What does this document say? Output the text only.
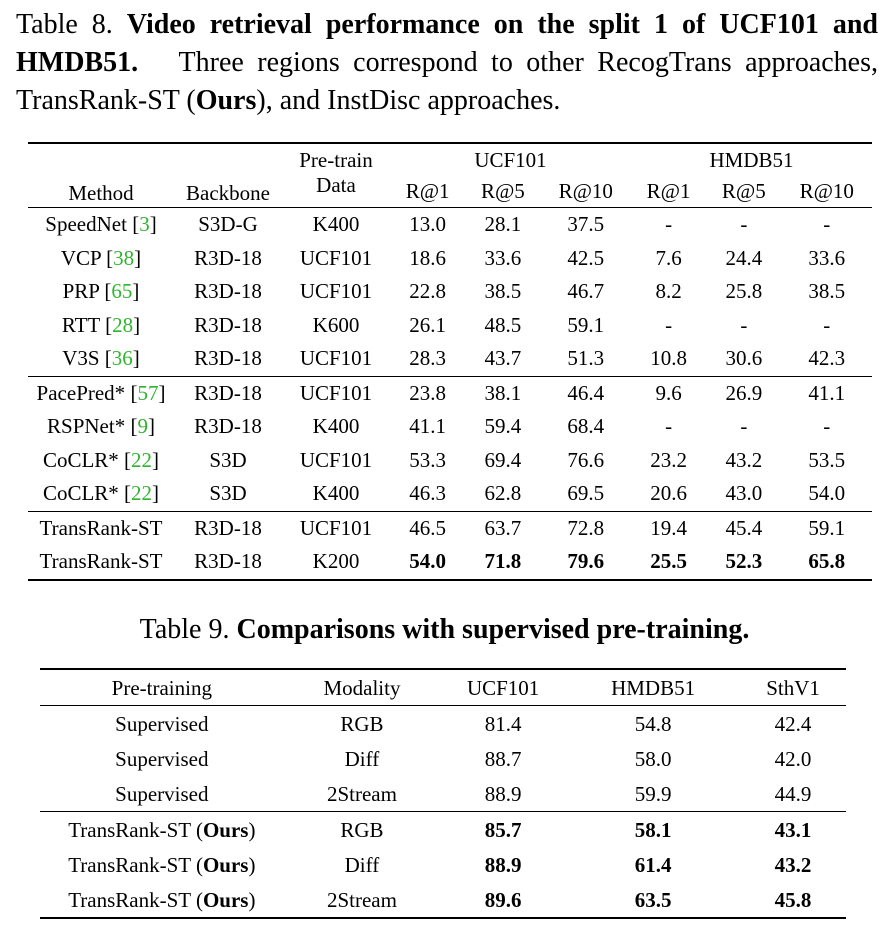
Table 8. Video retrieval performance on the split 1 of UCF101 and HMDB51. Three regions correspond to other RecogTrans approaches, TransRank-ST (Ours), and InstDisc approaches.
Method	Backbone	Pre-train	UCF101			HMDB51		
		Data	R@1	R@5	R@10	R@1	R@5	R@10
SpeedNet [3]	S3D-G	K400	13.0	28.1	37.5	-	-	-
VCP [38]	R3D-18	UCF101	18.6	33.6	42.5	7.6	24.4	33.6
PRP [65]	R3D-18	UCF101	22.8	38.5	46.7	8.2	25.8	38.5
RTT [28]	R3D-18	K600	26.1	48.5	59.1	-	-	-
V3S [36]	R3D-18	UCF101	28.3	43.7	51.3	10.8	30.6	42.3
PacePred* [57]	R3D-18	UCF101	23.8	38.1	46.4	9.6	26.9	41.1
RSPNet* [9]	R3D-18	K400	41.1	59.4	68.4	-	-	-
CoCLR* [22]	S3D	UCF101	53.3	69.4	76.6	23.2	43.2	53.5
CoCLR* [22]	S3D	K400	46.3	62.8	69.5	20.6	43.0	54.0
TransRank-ST	R3D-18	UCF101	46.5	63.7	72.8	19.4	45.4	59.1
TransRank-ST	R3D-18	K200	54.0	71.8	79.6	25.5	52.3	65.8
Table 9. Comparisons with supervised pre-training.
Pre-training	Modality	UCF101	HMDB51	SthV1
Supervised	RGB	81.4	54.8	42.4
Supervised	Diff	88.7	58.0	42.0
Supervised	2Stream	88.9	59.9	44.9
TransRank-ST (Ours)	RGB	85.7	58.1	43.1
TransRank-ST (Ours)	Diff	88.9	61.4	43.2
TransRank-ST (Ours)	2Stream	89.6	63.5	45.8
